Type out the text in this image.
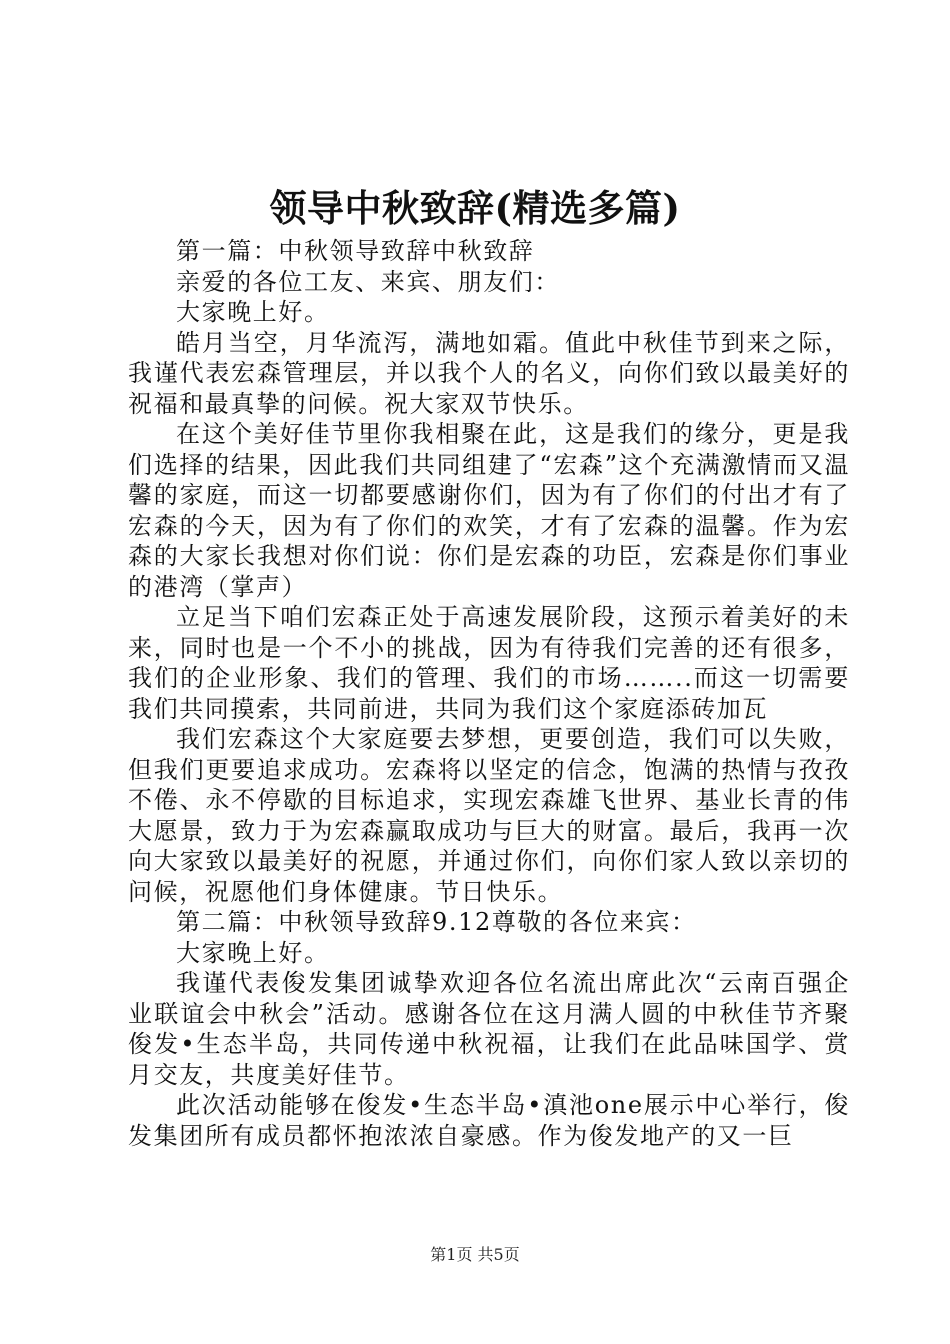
领导中秋致辞(精选多篇)

第一篇：中秋领导致辞中秋致辞

亲爱的各位工友、来宾、朋友们：

大家晚上好。

皓月当空，月华流泻，满地如霜。值此中秋佳节到来之际，我谨代表宏森管理层，并以我个人的名义，向你们致以最美好的祝福和最真挚的问候。祝大家双节快乐。

在这个美好佳节里你我相聚在此，这是我们的缘分，更是我们选择的结果，因此我们共同组建了“宏森”这个充满激情而又温馨的家庭，而这一切都要感谢你们，因为有了你们的付出才有了宏森的今天，因为有了你们的欢笑，才有了宏森的温馨。作为宏森的大家长我想对你们说：你们是宏森的功臣，宏森是你们事业的港湾（掌声）

立足当下咱们宏森正处于高速发展阶段，这预示着美好的未来，同时也是一个不小的挑战，因为有待我们完善的还有很多，我们的企业形象、我们的管理、我们的市场……..而这一切需要我们共同摸索，共同前进，共同为我们这个家庭添砖加瓦

我们宏森这个大家庭要去梦想，更要创造，我们可以失败，但我们更要追求成功。宏森将以坚定的信念，饱满的热情与孜孜不倦、永不停歇的目标追求，实现宏森雄飞世界、基业长青的伟大愿景，致力于为宏森赢取成功与巨大的财富。最后，我再一次向大家致以最美好的祝愿，并通过你们，向你们家人致以亲切的问候，祝愿他们身体健康。节日快乐。

第二篇：中秋领导致辞9.12尊敬的各位来宾：

大家晚上好。

我谨代表俊发集团诚挚欢迎各位名流出席此次“云南百强企业联谊会中秋会”活动。感谢各位在这月满人圆的中秋佳节齐聚俊发•生态半岛，共同传递中秋祝福，让我们在此品味国学、赏月交友，共度美好佳节。

此次活动能够在俊发•生态半岛•滇池one展示中心举行，俊发集团所有成员都怀抱浓浓自豪感。作为俊发地产的又一巨

第1页 共5页
